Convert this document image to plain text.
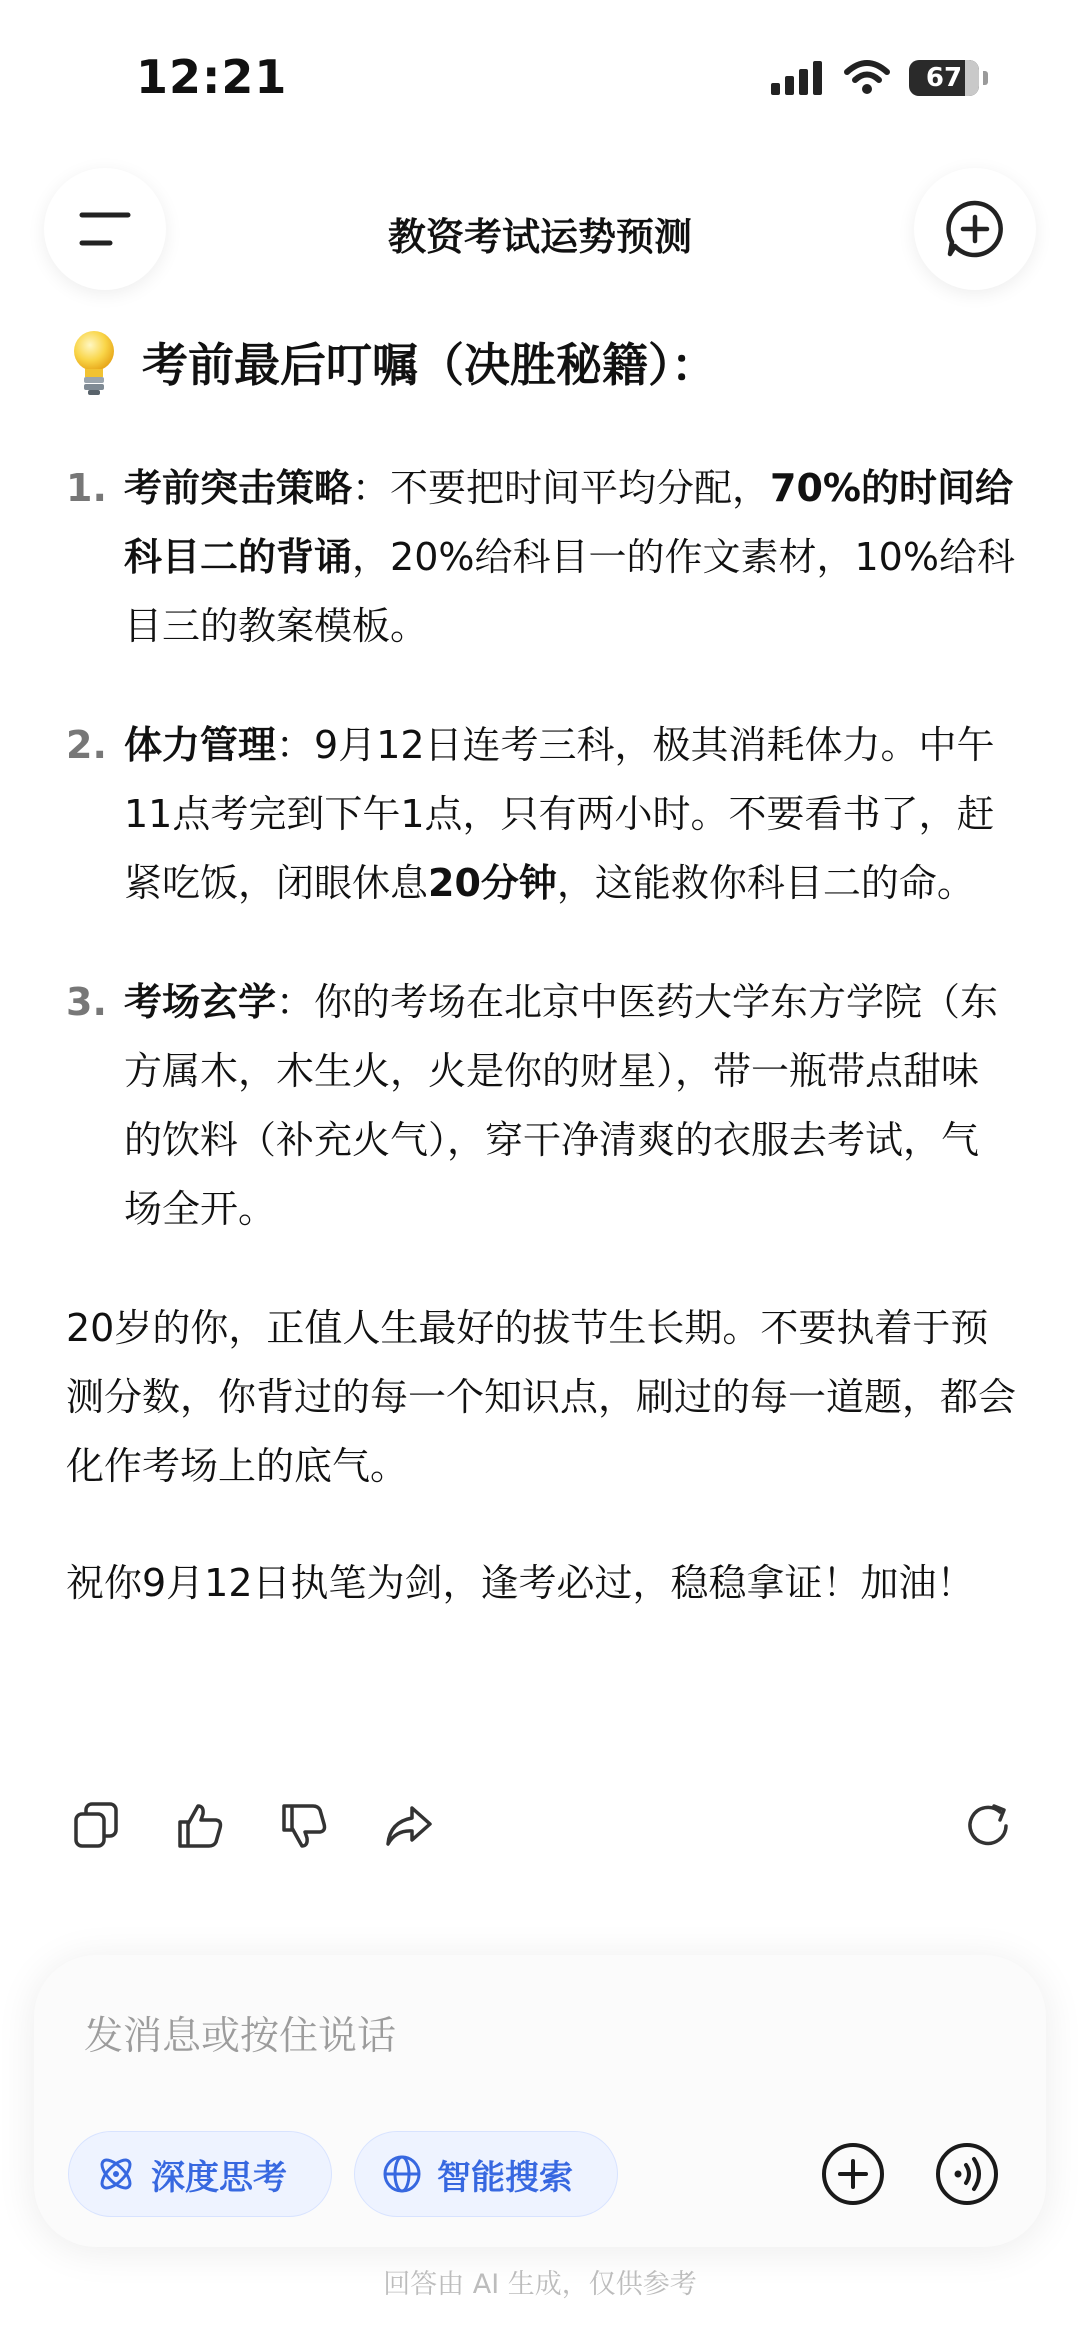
12:21	67
教资考试运势预测
考前最后叮嘱（决胜秘籍）：
1. 考前突击策略：不要把时间平均分配，70%的时间给科目二的背诵，20%给科目一的作文素材，10%给科目三的教案模板。
2. 体力管理：9月12日连考三科，极其消耗体力。中午11点考完到下午1点，只有两小时。不要看书了，赶紧吃饭，闭眼休息20分钟，这能救你科目二的命。
3. 考场玄学：你的考场在北京中医药大学东方学院（东方属木，木生火，火是你的财星），带一瓶带点甜味的饮料（补充火气），穿干净清爽的衣服去考试，气场全开。
20岁的你，正值人生最好的拔节生长期。不要执着于预测分数，你背过的每一个知识点，刷过的每一道题，都会化作考场上的底气。
祝你9月12日执笔为剑，逢考必过，稳稳拿证！加油！
发消息或按住说话
深度思考	智能搜索
回答由 AI 生成，仅供参考
